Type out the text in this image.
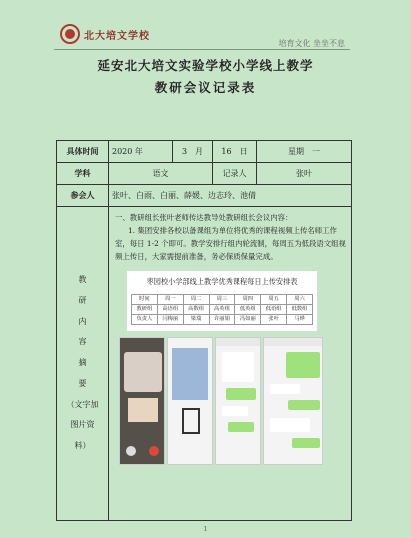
北大培文学校
培育文化 坐坐不息
延安北大培文实验学校小学线上教学
教研会议记录表
具体时间	2020 年	3　月	16　日	星期　一
学科	语文	记录人	张叶
参会人	张叶、白雨、白丽、薛媛、边志玲、池倩

教
研
内
容
摘
要
（文字加
图片资
料）

一、教研组长张叶老师传达教导处教研组长会议内容：

1. 集团安排各校以备课组为单位将优秀的课程视频上传名师工作室，每日 1-2 个即可。教学安排行组内轮流制，每周五为低段语文组视频上传日，大家需提前准备，务必保质保量完成。

枣园校小学部线上教学优秀课程每日上传安排表
时间	周一	周二	周三	周四	周五	周六
教研组	高语组	高数组	高英组	低英组	低语组	低数组
负责人	闫梅丽	梁瑞	许丽娟	冯如丽	张叶	马烨
1
